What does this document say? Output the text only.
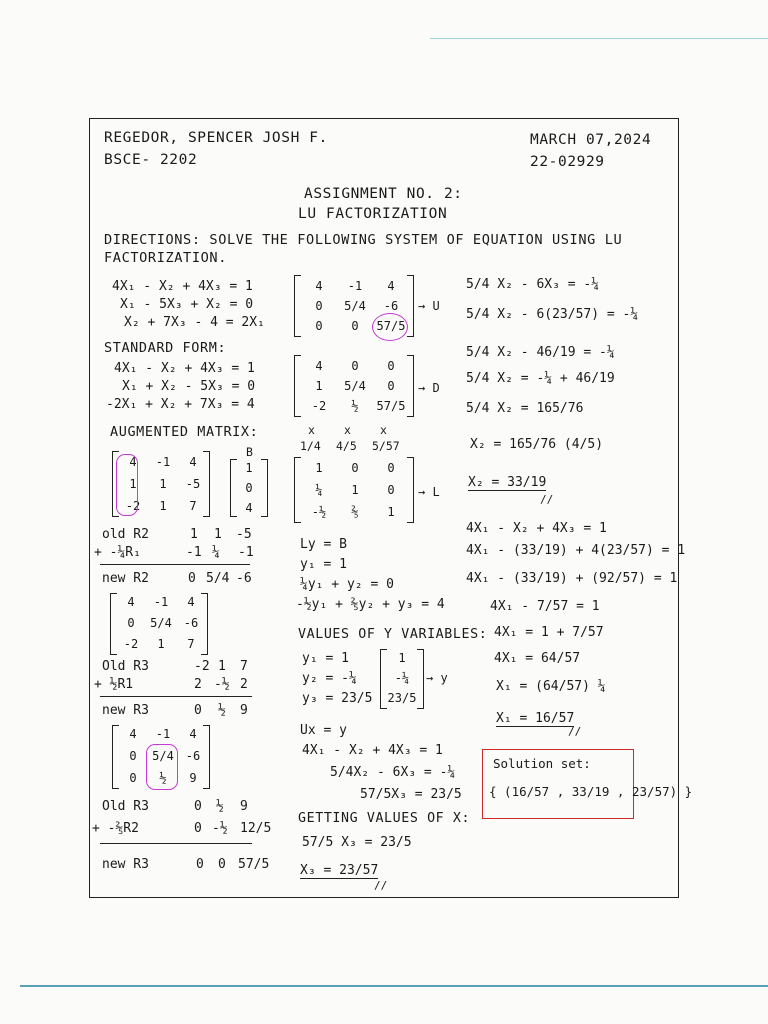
REGEDOR, SPENCER JOSH F.
BSCE- 2202
MARCH 07,2024
22-02929
ASSIGNMENT NO. 2:
LU FACTORIZATION
DIRECTIONS: SOLVE THE FOLLOWING SYSTEM OF EQUATION USING LU
FACTORIZATION.
4X₁ - X₂ + 4X₃ = 1
X₁ - 5X₃ + X₂ = 0
X₂ + 7X₃ - 4 = 2X₁
STANDARD FORM:
4X₁ - X₂ + 4X₃ = 1
X₁ + X₂ - 5X₃ = 0
-2X₁ + X₂ + 7X₃ = 4
AUGMENTED MATRIX:
4	-1	4
1	1	-5
-2	1	7
B
1
0
4
old R2	1 1 -5
+ -¼R₁	-1 ¼ -1
new R2	0 5/4 -6
4	-1	4
0	5/4 -6
-2	1	7
Old R3	-2 1 7
+ ½R1	2 -½ 2
new R3	0 ½ 9
4	-1	4
0	5/4 -6
0	½	9
Old R3	0 ½ 9
+ -⅖R2	0 -½ 12/5
new R3	0 0 57/5
4	-1	4
0	5/4	-6
0	0	57/5
→ U
4	0	0
1	5/4	0
-2	½	57/5
→ D
x	x	x
1/4 4/5 5/57
1	0	0
¼	1	0
-½	⅖	1
→ L
Ly = B
y₁ = 1
¼y₁ + y₂ = 0
-½y₁ + ⅖y₂ + y₃ = 4
VALUES OF Y VARIABLES:
y₁ = 1
y₂ = -¼
y₃ = 23/5
1
-¼
23/5
→ y
Ux = y
4X₁ - X₂ + 4X₃ = 1
5/4X₂ - 6X₃ = -¼
57/5X₃ = 23/5
GETTING VALUES OF X:
57/5 X₃ = 23/5
X₃ = 23/57
//
5/4 X₂ - 6X₃ = -¼
5/4 X₂ - 6(23/57) = -¼
5/4 X₂ - 46/19 = -¼
5/4 X₂ = -¼ + 46/19
5/4 X₂ = 165/76
X₂ = 165/76 (4/5)
X₂ = 33/19
//
4X₁ - X₂ + 4X₃ = 1
4X₁ - (33/19) + 4(23/57) = 1
4X₁ - (33/19) + (92/57) = 1
4X₁ - 7/57 = 1
4X₁ = 1 + 7/57
4X₁ = 64/57
X₁ = (64/57) ¼
X₁ = 16/57
//
Solution set:
{ (16/57 , 33/19 , 23/57) }
